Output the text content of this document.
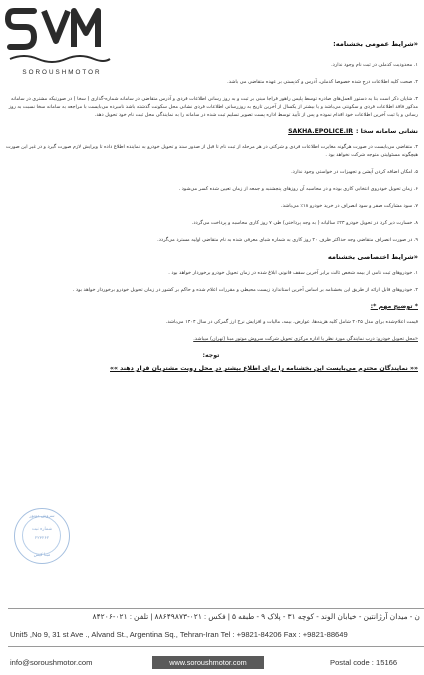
SOROUSHMOTOR
«شرایط عمومی بخشنامه:
۱. محدودیت کدملی در ثبت نام وجود ندارد.
۲. صحت کلیه اطلاعات درج شده خصوصا کدملی، آدرس و کدپستی بر عهده متقاضی می باشد.
۳. شایان ذکر است بنا به دستور العمل‌های صادره توسط پلیس راهور فراجا مبنی بر ثبت و به روز رسانی اطلاعات فردی و آدرس متقاضی در سامانه شماره-گذاری ( سخا ) در صورتیکه مشتری در سامانه مذکور فاقد اطلاعات فردی و سکونتی می‌باشد و یا بیشتر از یکسال از آخرین تاریخ به روزرسانی اطلاعات فردی نشانی محل سکونت گذشته باشد نامبرده می‌بایست با مراجعه به سامانه سخا نسبت به روز رسانی و یا ثبت آخرین اطلاعات خود اقدام نموده و پس از تأیید توسط اداره پست تصویر تسلیم ثبت شده در سامانه را به نمایندگی محل ثبت نام خود تحویل دهد.
نشانی سامانه سخا :
SAKHA.EPOLICE.IR
۴. متقاضی می‌بایست در صورت هرگونه مغایرت اطلاعات فردی و شرکتی در هر مرحله از ثبت نام تا قبل از صدور سند و تحویل خودرو به نماینده اطلاع داده تا ویرایش لازم صورت گیرد و در غیر این صورت هیچگونه مسئولیتی متوجه شرکت نخواهد بود .
۵. امکان اضافه کردن آپشن و تجهیزات در خواستی وجود ندارد.
۶. زمان تحویل خودروی انتخابی کاری بوده و در محاسبه آن روزهای پنجشنبه و جمعه از زمان تعیین شده کسر می‌شود .
۷. سود مشارکت صفر و سود انصراف در خرید خودرو ۱۸٪ می‌باشد.
۸. خسارت دیر کرد در تحویل خودرو ۲۳٪ سالیانه ( به وجه پرداختی) طی ۷ روز کاری محاسبه و پرداخت می‌گردد.
۹. در صورت انصراف متقاضی وجه حداکثر ظرف ۲۰ روز کاری به شماره شبای معرفی شده به نام متقاضی اولیه مسترد می‌گردد.
«شرایط اختصاصی بخشنامه
۱. خودروهای ثبت نامی از بیمه شخص ثالث برابر آخرین سقف قانونی ابلاغ شده در زمان تحویل خودرو برخوردار خواهد بود .
۲. خودروهای قابل ارائه از طریق این بخشنامه بر اساس آخرین استاندارد زیست محیطی و مقررات اعلام شده و حاکم بر کشور در زمان تحویل خودرو برخوردار خواهد بود .
* توضیح مهم *:
قیمت اعلام‌شده برای مدل ۲۰۲۵ شامل کلیه هزینه‌ها، عوارض، بیمه، مالیات و افزایش نرخ ارز گمرکی در سال ۱۴۰۴ می‌باشد.
«محل تحویل خودرو: درب نمایندگی مورد نظر یا اداره مرکزی تحویل شرکت سروش موتور مبنا (تهران) میباشد.
توجه:
«« نمایندگان محترم می‌بایست این بخشنامه را برای اطلاع بیشتر در محل رویت مشتریان قرار دهند »»
سروش موتور
شماره ثبت
۲۲۳۲۶۲
مبنا کیش
ن - میدان آرژانتین - خیابان الوند - کوچه ۳۱ - پلاک ۹ - طبقه ۵ | فکس : ۰۲۱-۸۸۶۴۹۸۷۳ | تلفن : ۰۲۱-۸۴۲۰۶
Unit5 ,No 9, 31 st Ave ., Alvand St., Argentina Sq., Tehran-Iran Tel : +9821-84206 Fax : +9821-88649
info@soroushmotor.com	www.soroushmotor.com	Postal code : 15166
